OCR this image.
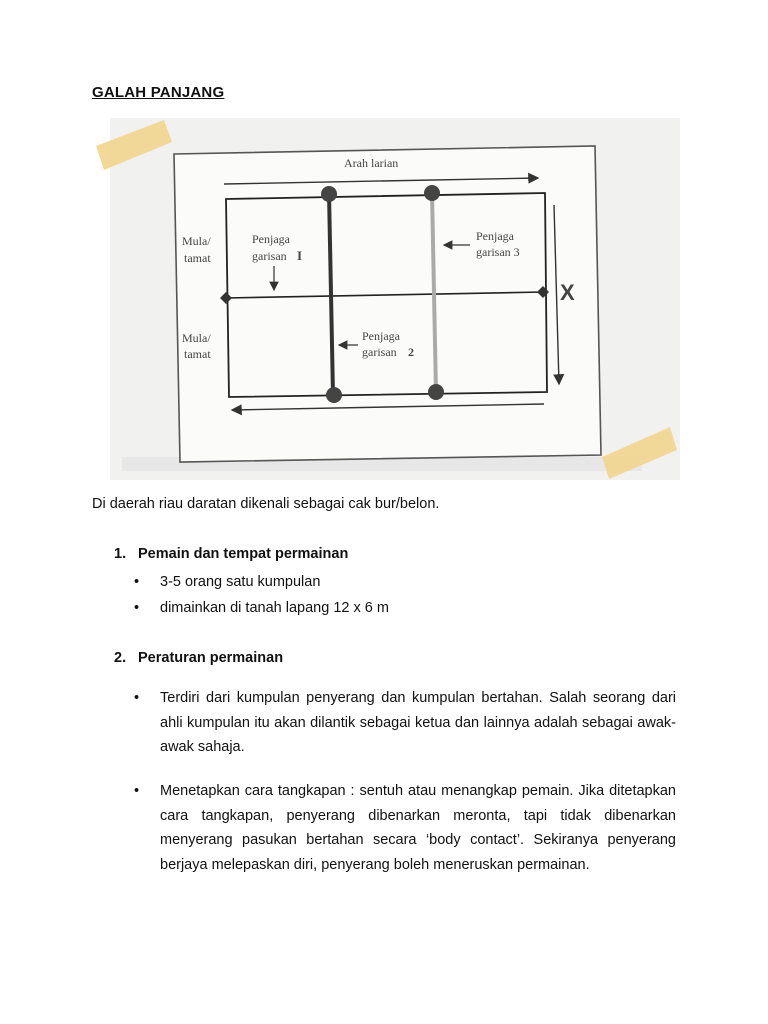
GALAH PANJANG
Arah larian
Mula/
tamat
Mula/
tamat
Penjaga
garisan I
Penjaga
garisan 2
Penjaga
garisan 3
X
Di daerah riau daratan dikenali sebagai cak bur/belon.
1. Pemain dan tempat permainan
•	3-5 orang satu kumpulan
•	dimainkan di tanah lapang 12 x 6 m
2. Peraturan permainan
•	Terdiri dari kumpulan penyerang dan kumpulan bertahan. Salah seorang dari ahli kumpulan itu akan dilantik sebagai ketua dan lainnya adalah sebagai awak-awak sahaja.
•	Menetapkan cara tangkapan : sentuh atau menangkap pemain. Jika ditetapkan cara tangkapan, penyerang dibenarkan meronta, tapi tidak dibenarkan menyerang pasukan bertahan secara ‘body contact’. Sekiranya penyerang berjaya melepaskan diri, penyerang boleh meneruskan permainan.
